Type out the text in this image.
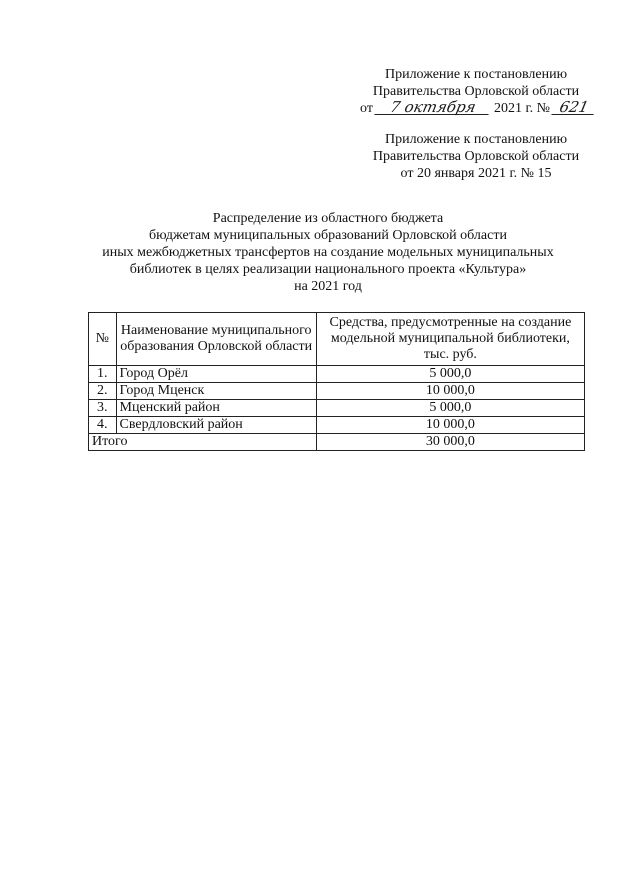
Приложение к постановлению

Правительства Орловской области

от 7 октября 2021 г. № 621

Приложение к постановлению

Правительства Орловской области

от 20 января 2021 г. № 15

Распределение из областного бюджета

бюджетам муниципальных образований Орловской области

иных межбюджетных трансфертов на создание модельных муниципальных

библиотек в целях реализации национального проекта «Культура»

на 2021 год

№	Наименование муниципального образования Орловской области	Средства, предусмотренные на создание модельной муниципальной библиотеки, тыс. руб.
1.	Город Орёл	5 000,0
2.	Город Мценск	10 000,0
3.	Мценский район	5 000,0
4.	Свердловский район	10 000,0
Итого		30 000,0
